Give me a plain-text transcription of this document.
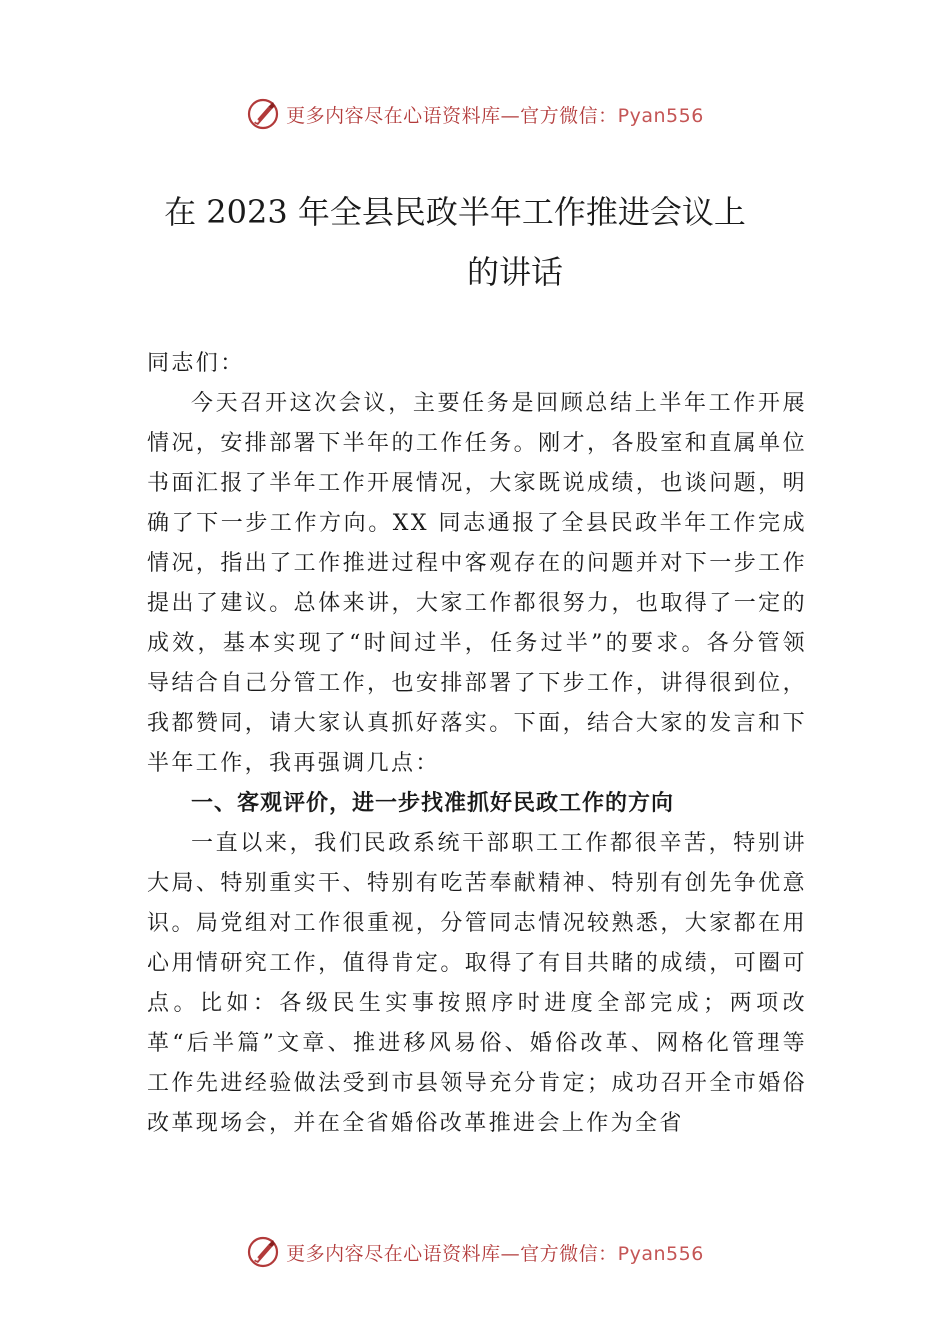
更多内容尽在心语资料库—官方微信：Pyan556
在 2023 年全县民政半年工作推进会议上
的讲话

同志们：

今天召开这次会议，主要任务是回顾总结上半年工作开展情况，安排部署下半年的工作任务。刚才，各股室和直属单位书面汇报了半年工作开展情况，大家既说成绩，也谈问题，明确了下一步工作方向。XX 同志通报了全县民政半年工作完成情况，指出了工作推进过程中客观存在的问题并对下一步工作提出了建议。总体来讲，大家工作都很努力，也取得了一定的成效，基本实现了“时间过半，任务过半”的要求。各分管领导结合自己分管工作，也安排部署了下步工作，讲得很到位，我都赞同，请大家认真抓好落实。下面，结合大家的发言和下半年工作，我再强调几点：

一、客观评价，进一步找准抓好民政工作的方向

一直以来，我们民政系统干部职工工作都很辛苦，特别讲大局、特别重实干、特别有吃苦奉献精神、特别有创先争优意识。局党组对工作很重视，分管同志情况较熟悉，大家都在用心用情研究工作，值得肯定。取得了有目共睹的成绩，可圈可点。比如：各级民生实事按照序时进度全部完成；两项改革“后半篇”文章、推进移风易俗、婚俗改革、网格化管理等工作先进经验做法受到市县领导充分肯定；成功召开全市婚俗改革现场会，并在全省婚俗改革推进会上作为全省

更多内容尽在心语资料库—官方微信：Pyan556
